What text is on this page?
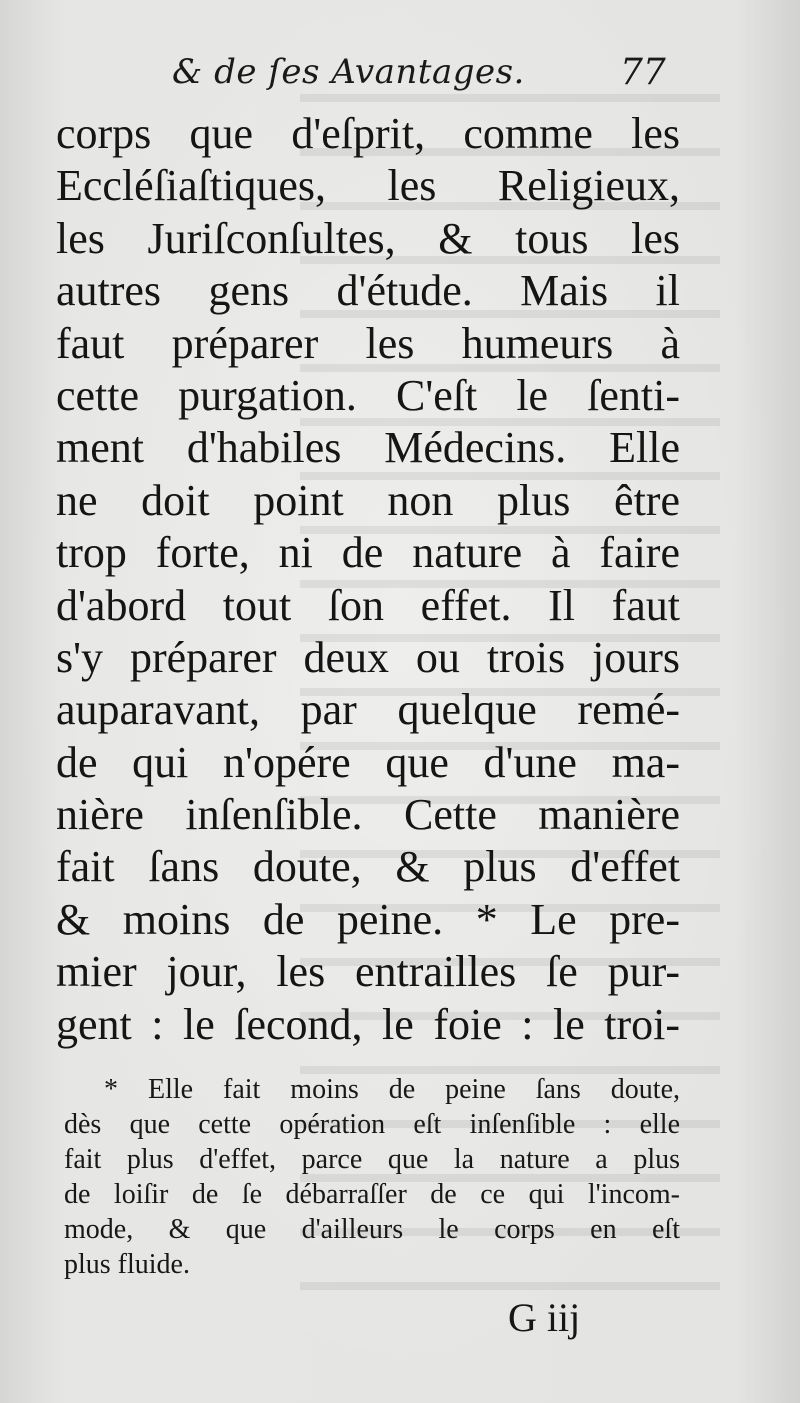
& de ſes Avantages.	77
corps que d'eſprit, comme les
Eccléſiaſtiques, les Religieux,
les Juriſconſultes, & tous les
autres gens d'étude. Mais il
faut préparer les humeurs à
cette purgation. C'eſt le ſenti-
ment d'habiles Médecins. Elle
ne doit point non plus être
trop forte, ni de nature à faire
d'abord tout ſon effet. Il faut
s'y préparer deux ou trois jours
auparavant, par quelque remé-
de qui n'opére que d'une ma-
nière inſenſible. Cette manière
fait ſans doute, & plus d'effet
& moins de peine. * Le pre-
mier jour, les entrailles ſe pur-
gent : le ſecond, le foie : le troi-
* Elle fait moins de peine ſans doute,
dès que cette opération eſt inſenſible : elle
fait plus d'effet, parce que la nature a plus
de loiſir de ſe débarraſſer de ce qui l'incom-
mode, & que d'ailleurs le corps en eſt
plus fluide.
G iij
